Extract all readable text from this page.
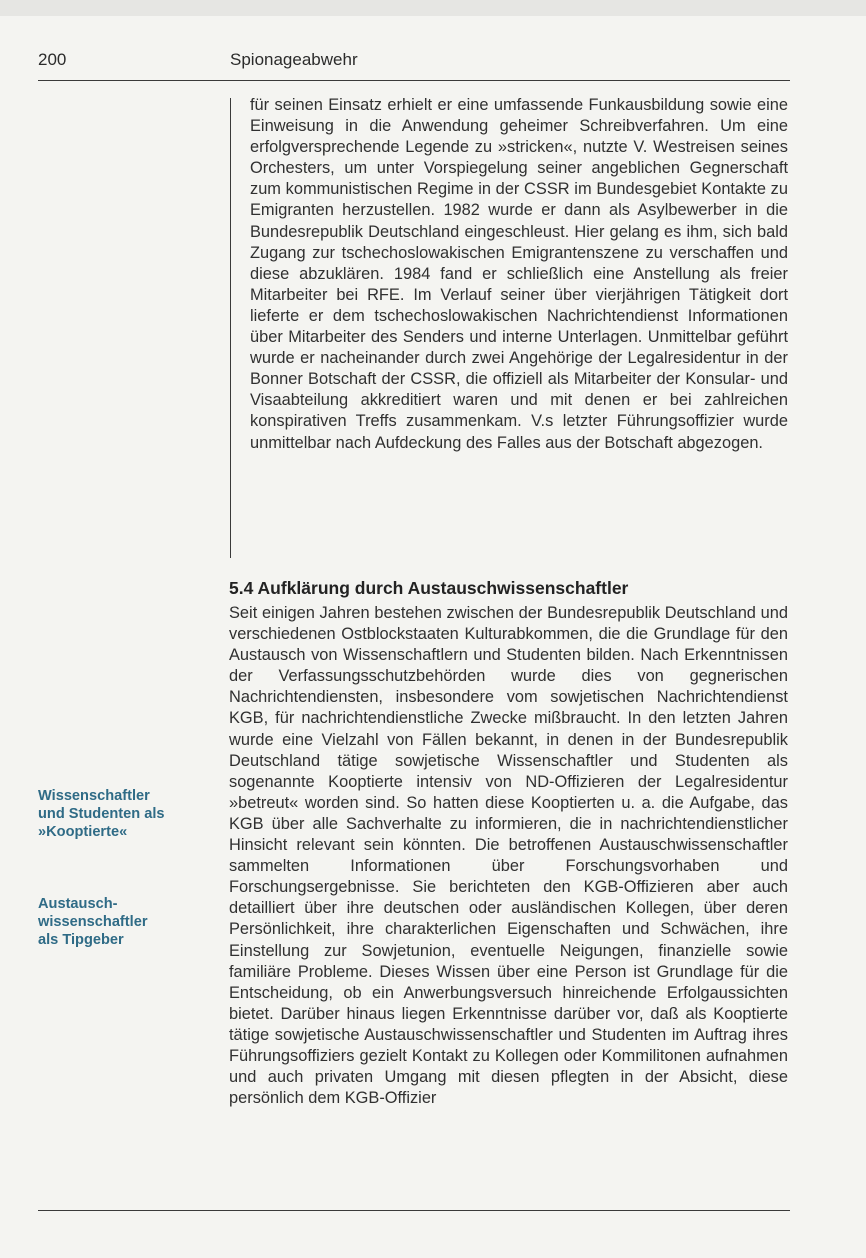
200	Spionageabwehr

für seinen Einsatz erhielt er eine umfassende Funkausbildung sowie eine Einweisung in die Anwendung geheimer Schreibverfahren. Um eine erfolgversprechende Legende zu »stricken«, nutzte V. Westreisen seines Orchesters, um unter Vorspiegelung seiner angeblichen Gegnerschaft zum kommunistischen Regime in der CSSR im Bundesgebiet Kontakte zu Emigranten herzustellen. 1982 wurde er dann als Asylbewerber in die Bundesrepublik Deutschland eingeschleust. Hier gelang es ihm, sich bald Zugang zur tschechoslowakischen Emigrantenszene zu verschaffen und diese abzuklären. 1984 fand er schließlich eine Anstellung als freier Mitarbeiter bei RFE. Im Verlauf seiner über vierjährigen Tätigkeit dort lieferte er dem tschechoslowakischen Nachrichtendienst Informationen über Mitarbeiter des Senders und interne Unterlagen. Unmittelbar geführt wurde er nacheinander durch zwei Angehörige der Legalresidentur in der Bonner Botschaft der CSSR, die offiziell als Mitarbeiter der Konsular- und Visaabteilung akkreditiert waren und mit denen er bei zahlreichen konspirativen Treffs zusammenkam. V.s letzter Führungsoffizier wurde unmittelbar nach Aufdeckung des Falles aus der Botschaft abgezogen.

5.4 Aufklärung durch Austauschwissenschaftler

Seit einigen Jahren bestehen zwischen der Bundesrepublik Deutschland und verschiedenen Ostblockstaaten Kulturabkommen, die die Grundlage für den Austausch von Wissenschaftlern und Studenten bilden. Nach Erkenntnissen der Verfassungsschutzbehörden wurde dies von gegnerischen Nachrichtendiensten, insbesondere vom sowjetischen Nachrichtendienst KGB, für nachrichtendienstliche Zwecke mißbraucht. In den letzten Jahren wurde eine Vielzahl von Fällen bekannt, in denen in der Bundesrepublik Deutschland tätige sowjetische Wissenschaftler und Studenten als sogenannte Kooptierte intensiv von ND-Offizieren der Legalresidentur »betreut« worden sind. So hatten diese Kooptierten u. a. die Aufgabe, das KGB über alle Sachverhalte zu informieren, die in nachrichtendienstlicher Hinsicht relevant sein könnten. Die betroffenen Austauschwissenschaftler sammelten Informationen über Forschungsvorhaben und Forschungsergebnisse. Sie berichteten den KGB-Offizieren aber auch detailliert über ihre deutschen oder ausländischen Kollegen, über deren Persönlichkeit, ihre charakterlichen Eigenschaften und Schwächen, ihre Einstellung zur Sowjetunion, eventuelle Neigungen, finanzielle sowie familiäre Probleme. Dieses Wissen über eine Person ist Grundlage für die Entscheidung, ob ein Anwerbungsversuch hinreichende Erfolgaussichten bietet. Darüber hinaus liegen Erkenntnisse darüber vor, daß als Kooptierte tätige sowjetische Austauschwissenschaftler und Studenten im Auftrag ihres Führungsoffiziers gezielt Kontakt zu Kollegen oder Kommilitonen aufnahmen und auch privaten Umgang mit diesen pflegten in der Absicht, diese persönlich dem KGB-Offizier

Wissenschaftler
und Studenten als
»Kooptierte«

Austausch-
wissenschaftler
als Tipgeber
